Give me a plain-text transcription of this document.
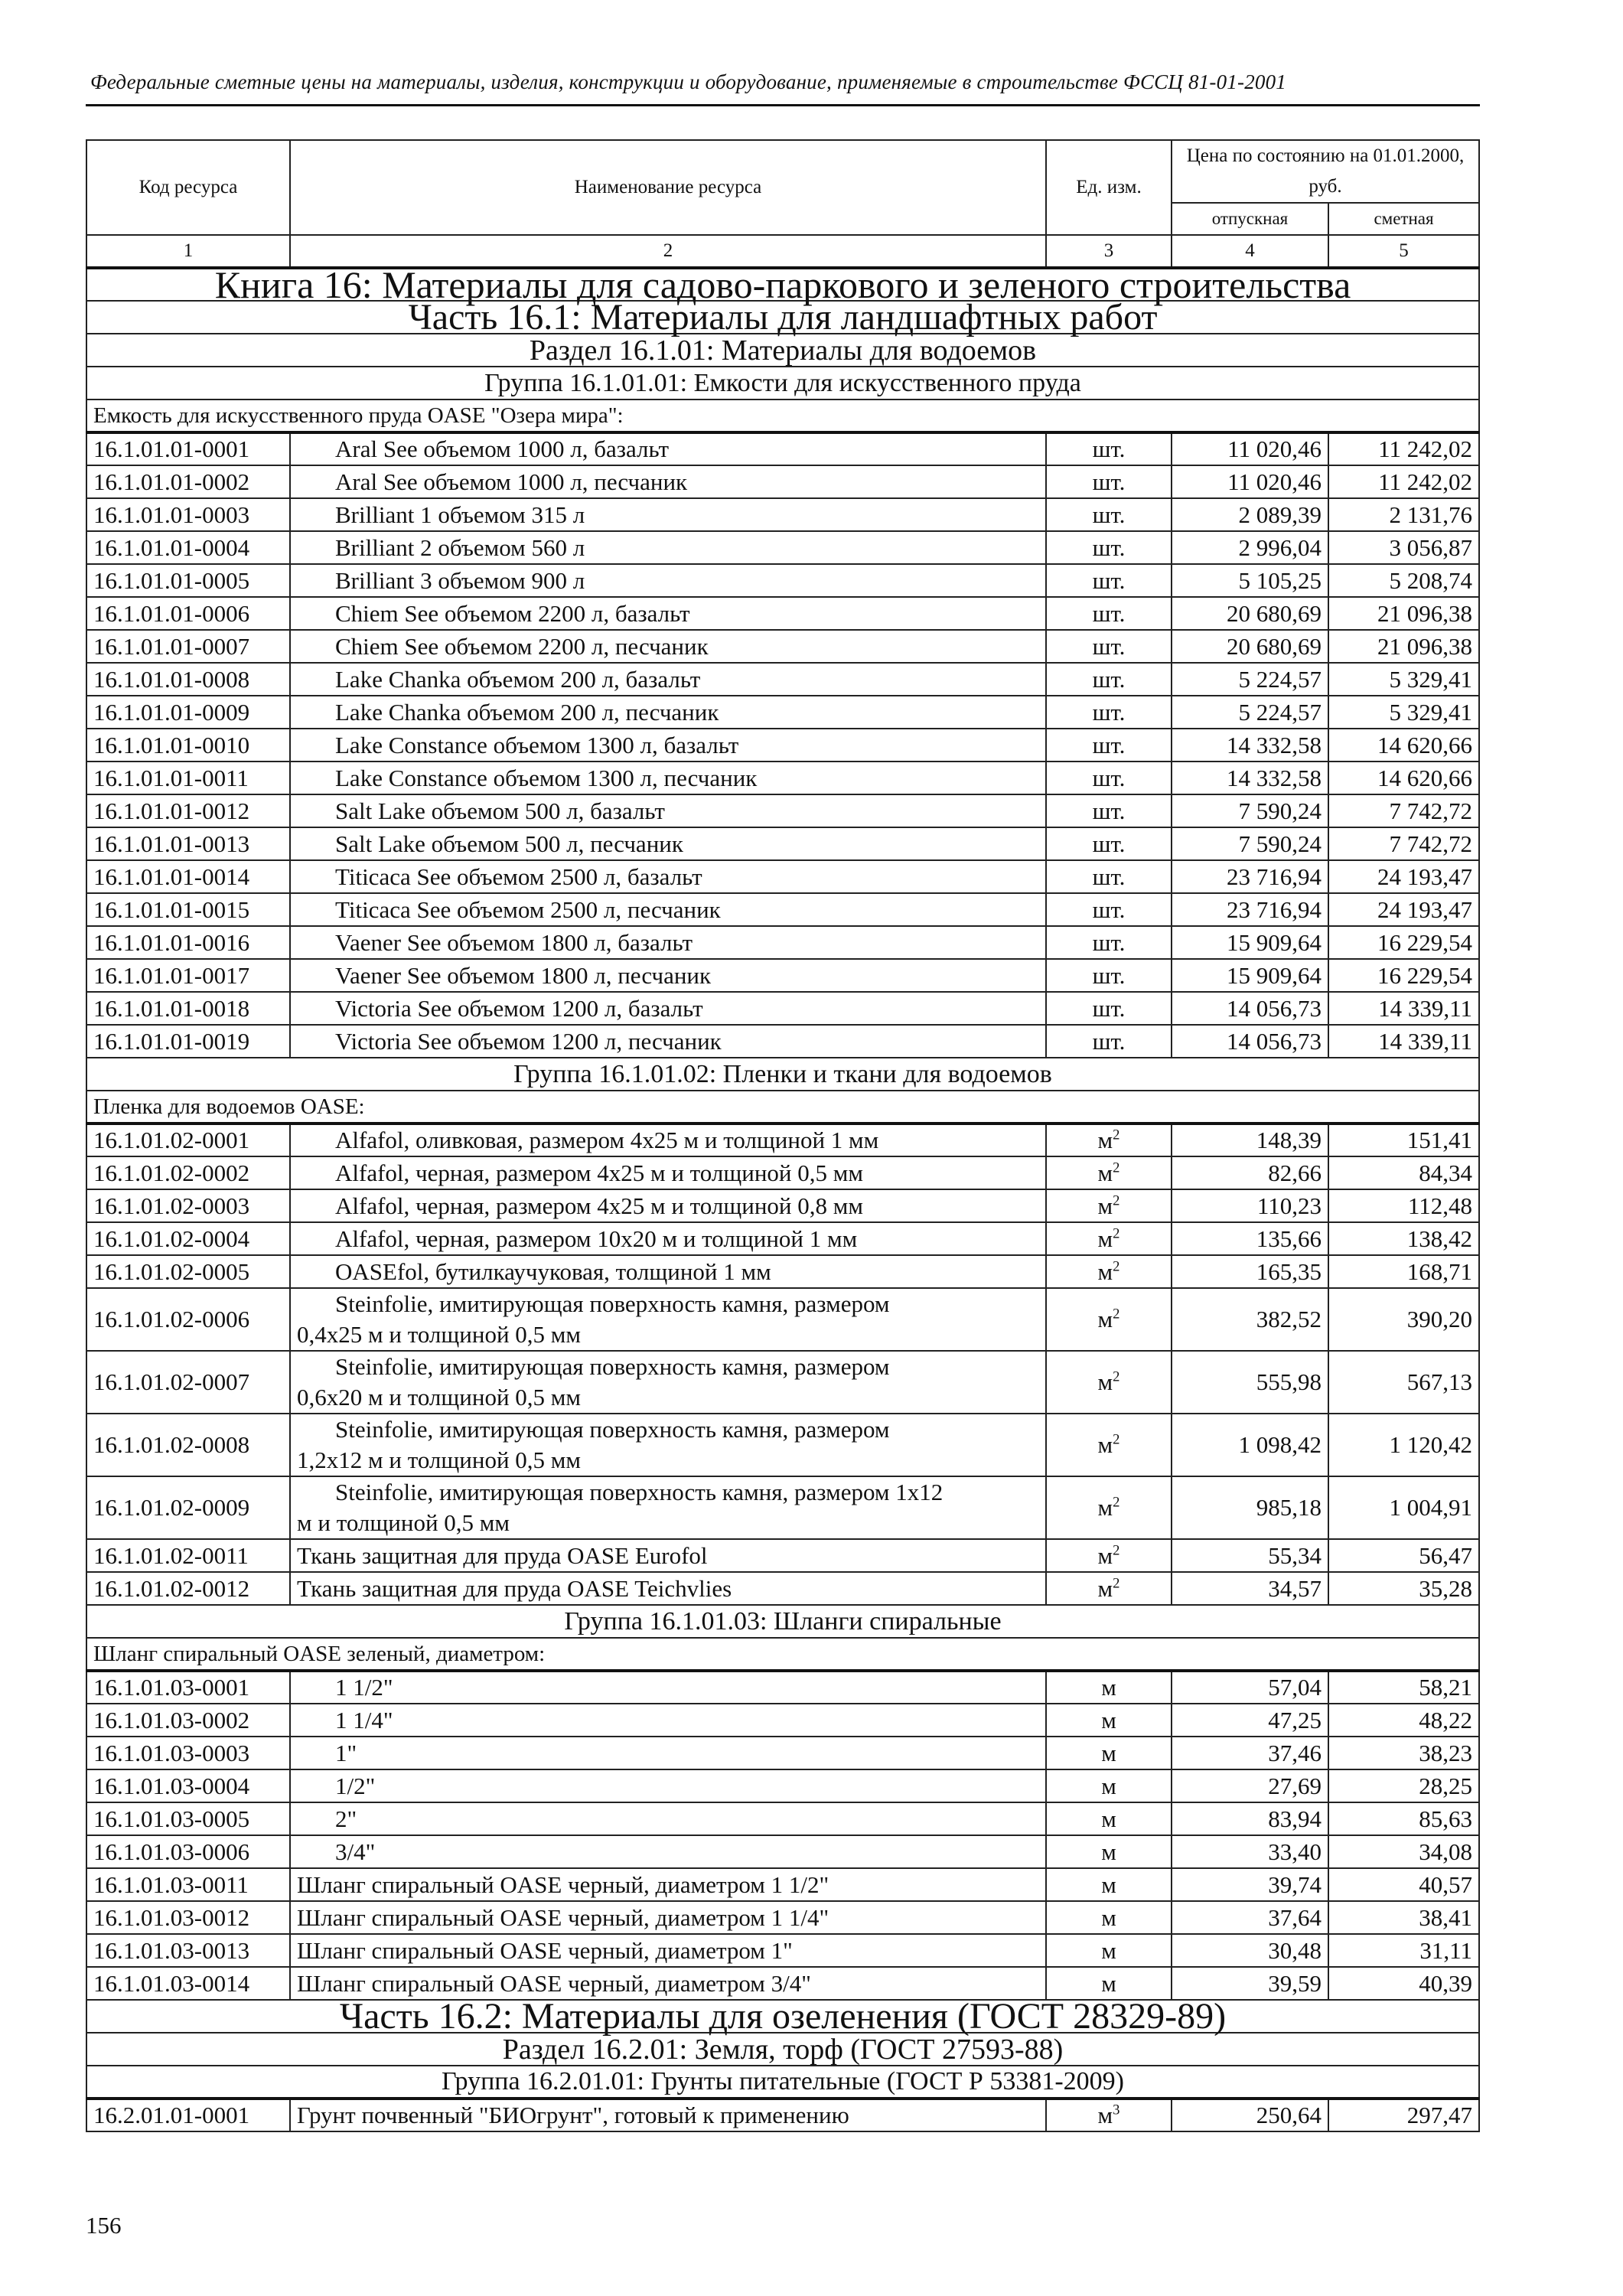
Федеральные сметные цены на материалы, изделия, конструкции и оборудование, применяемые в строительстве ФССЦ 81-01-2001
Код ресурса	Наименование ресурса	Ед. изм.	Цена по состоянию на 01.01.2000, руб.	
			отпускная	сметная
1	2	3	4	5
Книга 16: Материалы для садово-паркового и зеленого строительства				
Часть 16.1: Материалы для ландшафтных работ				
Раздел 16.1.01: Материалы для водоемов				
Группа 16.1.01.01: Емкости для искусственного пруда				
Емкость для искусственного пруда OASE "Озера мира":				
16.1.01.01-0001	Aral See объемом 1000 л, базальт	шт.	11 020,46	11 242,02
16.1.01.01-0002	Aral See объемом 1000 л, песчаник	шт.	11 020,46	11 242,02
16.1.01.01-0003	Brilliant 1 объемом 315 л	шт.	2 089,39	2 131,76
16.1.01.01-0004	Brilliant 2 объемом 560 л	шт.	2 996,04	3 056,87
16.1.01.01-0005	Brilliant 3 объемом 900 л	шт.	5 105,25	5 208,74
16.1.01.01-0006	Chiem See объемом 2200 л, базальт	шт.	20 680,69	21 096,38
16.1.01.01-0007	Chiem See объемом 2200 л, песчаник	шт.	20 680,69	21 096,38
16.1.01.01-0008	Lake Chanka объемом 200 л, базальт	шт.	5 224,57	5 329,41
16.1.01.01-0009	Lake Chanka объемом 200 л, песчаник	шт.	5 224,57	5 329,41
16.1.01.01-0010	Lake Constance объемом 1300 л, базальт	шт.	14 332,58	14 620,66
16.1.01.01-0011	Lake Constance объемом 1300 л, песчаник	шт.	14 332,58	14 620,66
16.1.01.01-0012	Salt Lake объемом 500 л, базальт	шт.	7 590,24	7 742,72
16.1.01.01-0013	Salt Lake объемом 500 л, песчаник	шт.	7 590,24	7 742,72
16.1.01.01-0014	Titicaca See объемом 2500 л, базальт	шт.	23 716,94	24 193,47
16.1.01.01-0015	Titicaca See объемом 2500 л, песчаник	шт.	23 716,94	24 193,47
16.1.01.01-0016	Vaener See объемом 1800 л, базальт	шт.	15 909,64	16 229,54
16.1.01.01-0017	Vaener See объемом 1800 л, песчаник	шт.	15 909,64	16 229,54
16.1.01.01-0018	Victoria See объемом 1200 л, базальт	шт.	14 056,73	14 339,11
16.1.01.01-0019	Victoria See объемом 1200 л, песчаник	шт.	14 056,73	14 339,11
Группа 16.1.01.02: Пленки и ткани для водоемов				
Пленка для водоемов OASE:				
16.1.01.02-0001	Alfafol, оливковая, размером 4x25 м и толщиной 1 мм	$м^2$	148,39	151,41
16.1.01.02-0002	Alfafol, черная, размером 4x25 м и толщиной 0,5 мм	$м^2$	82,66	84,34
16.1.01.02-0003	Alfafol, черная, размером 4x25 м и толщиной 0,8 мм	$м^2$	110,23	112,48
16.1.01.02-0004	Alfafol, черная, размером 10x20 м и толщиной 1 мм	$м^2$	135,66	138,42
16.1.01.02-0005	OASEfol, бутилкаучуковая, толщиной 1 мм	$м^2$	165,35	168,71
16.1.01.02-0006	Steinfolie, имитирующая поверхность камня, размером
0,4x25 м и толщиной 0,5 мм	$м^2$	382,52	390,20
16.1.01.02-0007	Steinfolie, имитирующая поверхность камня, размером
0,6x20 м и толщиной 0,5 мм	$м^2$	555,98	567,13
16.1.01.02-0008	Steinfolie, имитирующая поверхность камня, размером
1,2x12 м и толщиной 0,5 мм	$м^2$	1 098,42	1 120,42
16.1.01.02-0009	Steinfolie, имитирующая поверхность камня, размером 1x12
м и толщиной 0,5 мм	$м^2$	985,18	1 004,91
16.1.01.02-0011	Ткань защитная для пруда OASE Eurofol	$м^2$	55,34	56,47
16.1.01.02-0012	Ткань защитная для пруда OASE Teichvlies	$м^2$	34,57	35,28
Группа 16.1.01.03: Шланги спиральные				
Шланг спиральный OASE зеленый, диаметром:				
16.1.01.03-0001	1 1/2"	м	57,04	58,21
16.1.01.03-0002	1 1/4"	м	47,25	48,22
16.1.01.03-0003	1"	м	37,46	38,23
16.1.01.03-0004	1/2"	м	27,69	28,25
16.1.01.03-0005	2"	м	83,94	85,63
16.1.01.03-0006	3/4"	м	33,40	34,08
16.1.01.03-0011	Шланг спиральный OASE черный, диаметром 1 1/2"	м	39,74	40,57
16.1.01.03-0012	Шланг спиральный OASE черный, диаметром 1 1/4"	м	37,64	38,41
16.1.01.03-0013	Шланг спиральный OASE черный, диаметром 1"	м	30,48	31,11
16.1.01.03-0014	Шланг спиральный OASE черный, диаметром 3/4"	м	39,59	40,39
Часть 16.2: Материалы для озеленения (ГОСТ 28329-89)				
Раздел 16.2.01: Земля, торф (ГОСТ 27593-88)				
Группа 16.2.01.01: Грунты питательные (ГОСТ Р 53381-2009)				
16.2.01.01-0001	Грунт почвенный "БИОгрунт", готовый к применению	$м^3$	250,64	297,47
156
